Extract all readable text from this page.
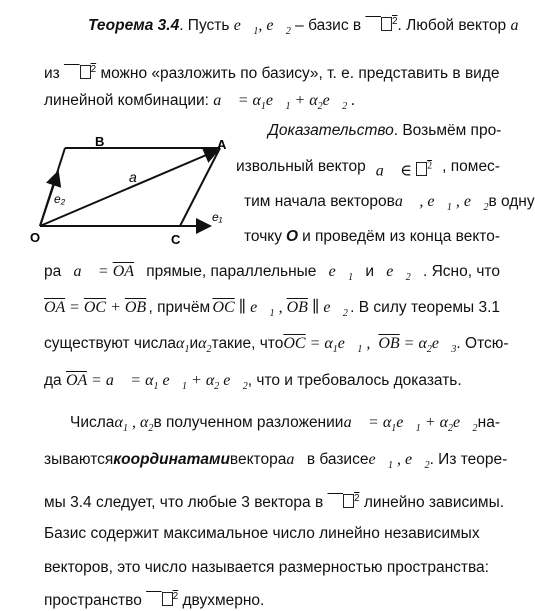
Теорема 3.4. Пусть $e⃗_1$, $e⃗_2$ – базис в  	$^2$. Любой вектор a⃗
из  	$^2$ можно «разложить по базису», т. е. представить в виде
линейной комбинации: a⃗ = $\alpha_1e⃗_1$ + $\alpha_2e⃗_2$ .
B	A
O	C
a
e₂
e₁
Доказательство. Возьмём про-
извольный вектор a⃗ ∈ $^2$ , помес-
тим начала векторов a⃗ , $e⃗_1$ , $e⃗_2$ в одну
точку O и проведём из конца векто-
ра a⃗ = $\overline{OA}$ прямые, параллельные $e⃗_1$ и $e⃗_2$ . Ясно, что
$\overline{OA} = \overline{OC} + \overline{OB}$ , причём $\overline{OC}$ ∥ $e⃗_1$ , $\overline{OB}$ ∥ $e⃗_2$ . В силу теоремы 3.1
существуют числа $\alpha_1$ и $\alpha_2$ такие, что $\overline{OC}$ = $\alpha_1e⃗_1$ ,  $\overline{OB}$ = $\alpha_2e⃗_3$ . Отсю-
да $\overline{OA}$ = a⃗ = $\alpha_1$ $e⃗_1 + \alpha_2$ $e⃗_2$, что и требовалось доказать.
Числа $\alpha_1$ , $\alpha_2$ в полученном разложении a⃗ = $\alpha_1e⃗_1$ + $\alpha_2e⃗_2$ на-
зываются координатами вектора a⃗ в базисе $e⃗_1$ , $e⃗_2$ . Из теоре-
мы 3.4 следует, что любые 3 вектора в  	$^2$ линейно зависимы.
Базис содержит максимальное число линейно независимых
векторов, это число называется размерностью пространства:
пространство  	$^2$ двухмерно.
